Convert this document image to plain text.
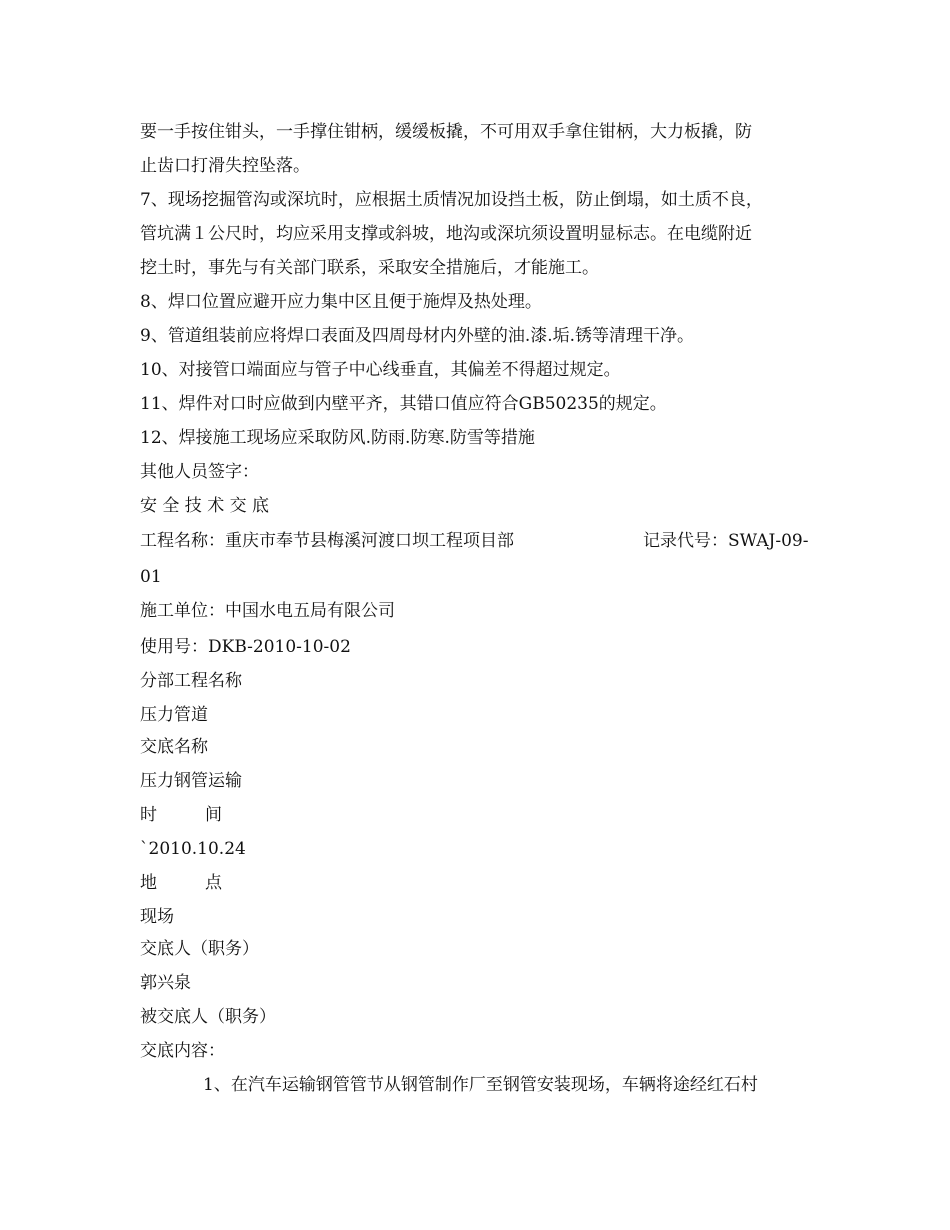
要一手按住钳头，一手撑住钳柄，缓缓板撬，不可用双手拿住钳柄，大力板撬，防
止齿口打滑失控坠落。
7、现场挖掘管沟或深坑时，应根据土质情况加设挡土板，防止倒塌，如土质不良，
管坑满１公尺时，均应采用支撑或斜坡，地沟或深坑须设置明显标志。在电缆附近
挖土时，事先与有关部门联系，采取安全措施后，才能施工。
8、焊口位置应避开应力集中区且便于施焊及热处理。
9、管道组装前应将焊口表面及四周母材内外壁的油.漆.垢.锈等清理干净。
10、对接管口端面应与管子中心线垂直，其偏差不得超过规定。
11、焊件对口时应做到内壁平齐，其错口值应符合GB50235的规定。
12、焊接施工现场应采取防风.防雨.防寒.防雪等措施
其他人员签字：
安 全 技 术 交 底
工程名称：重庆市奉节县梅溪河渡口坝工程项目部	记录代号：SWAJ-09-
01
施工单位：中国水电五局有限公司
使用号：DKB-2010-10-02
分部工程名称
压力管道
交底名称
压力钢管运输
时	间
`2010.10.24
地	点
现场
交底人（职务）
郭兴泉
被交底人（职务）
交底内容：
1、在汽车运输钢管管节从钢管制作厂至钢管安装现场，车辆将途经红石村
